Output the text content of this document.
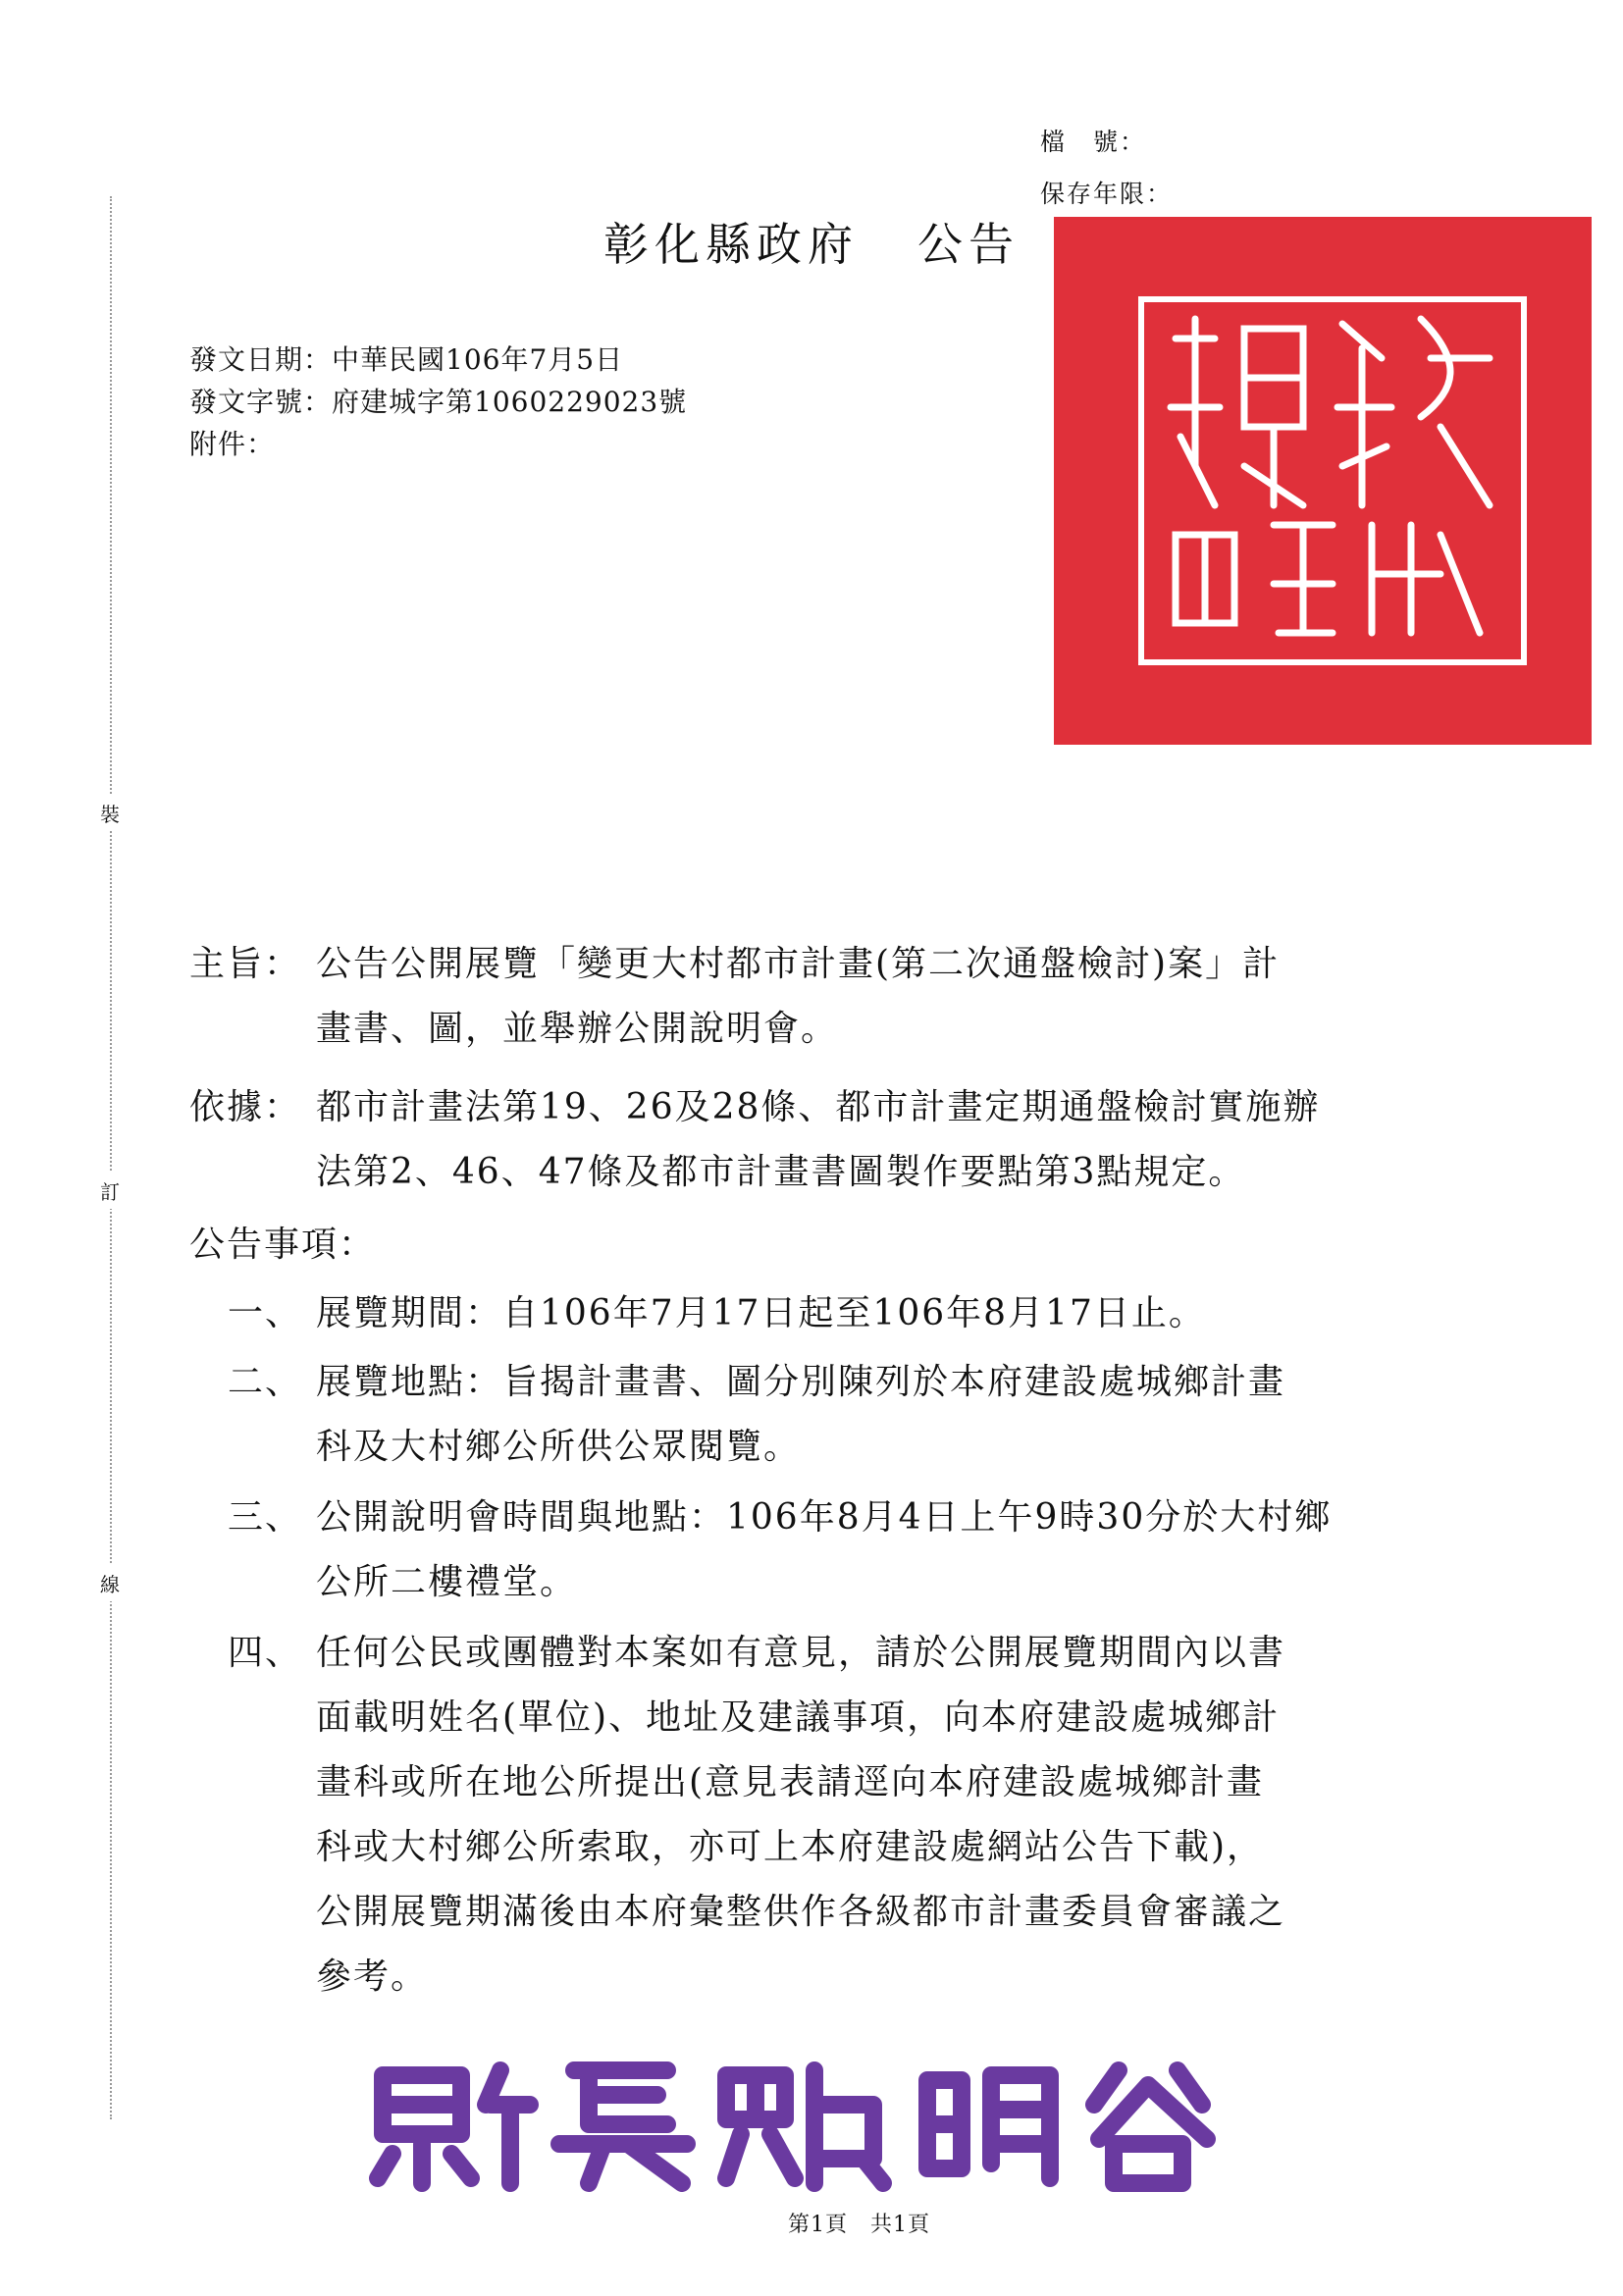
檔　號：
保存年限：
裝
訂
線
彰化縣政府 公告
發文日期：中華民國106年7月5日
發文字號：府建城字第1060229023號
附件：
主旨： 公告公開展覽「變更大村都市計畫(第二次通盤檢討)案」計
畫書、圖，並舉辦公開說明會。
依據： 都市計畫法第19、26及28條、都市計畫定期通盤檢討實施辦
法第2、46、47條及都市計畫書圖製作要點第3點規定。
公告事項：
一、 展覽期間：自106年7月17日起至106年8月17日止。
二、 展覽地點：旨揭計畫書、圖分別陳列於本府建設處城鄉計畫
科及大村鄉公所供公眾閱覽。
三、 公開說明會時間與地點：106年8月4日上午9時30分於大村鄉
公所二樓禮堂。
四、 任何公民或團體對本案如有意見，請於公開展覽期間內以書
面載明姓名(單位)、地址及建議事項，向本府建設處城鄉計
畫科或所在地公所提出(意見表請逕向本府建設處城鄉計畫
科或大村鄉公所索取，亦可上本府建設處網站公告下載)，
公開展覽期滿後由本府彙整供作各級都市計畫委員會審議之
參考。
第1頁　共1頁
